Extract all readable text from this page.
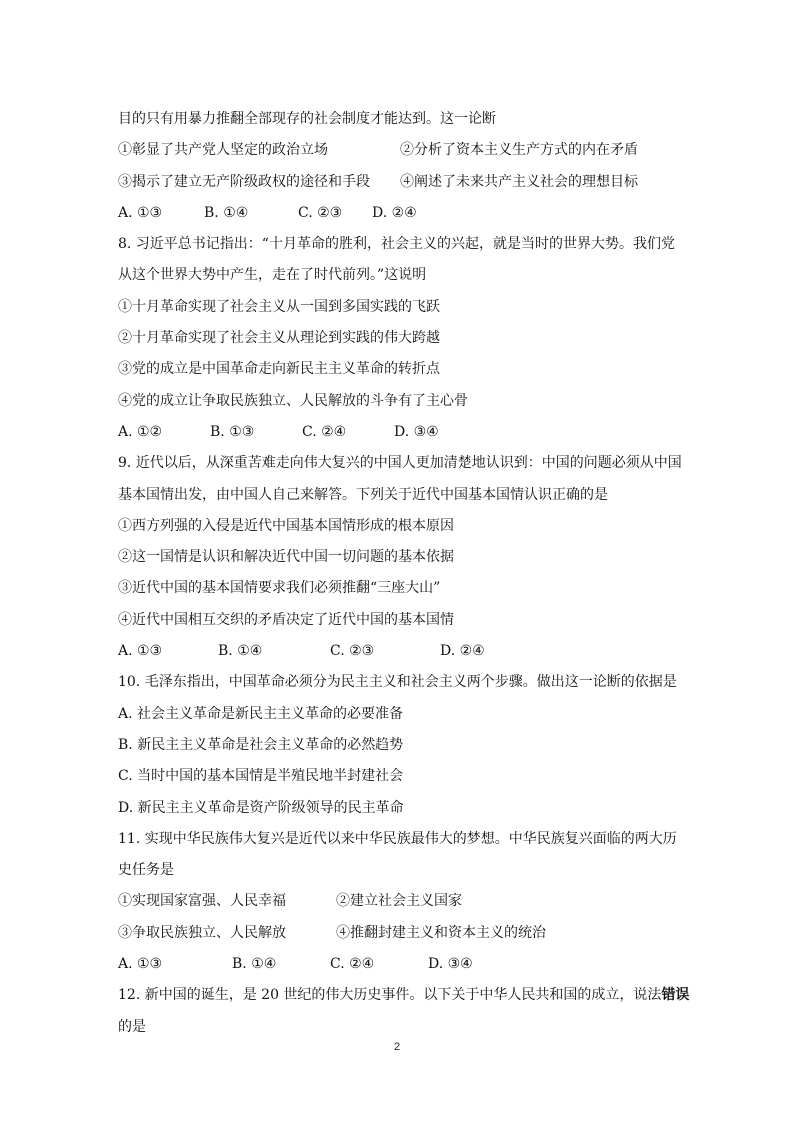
目的只有用暴力推翻全部现存的社会制度才能达到。这一论断
①彰显了共产党人坚定的政治立场	②分析了资本主义生产方式的内在矛盾
③揭示了建立无产阶级政权的途径和手段 ④阐述了未来共产主义社会的理想目标
A. ①③	B. ①④	C. ②③ D. ②④
8. 习近平总书记指出：“十月革命的胜利，社会主义的兴起，就是当时的世界大势。我们党
从这个世界大势中产生，走在了时代前列。”这说明
①十月革命实现了社会主义从一国到多国实践的飞跃
②十月革命实现了社会主义从理论到实践的伟大跨越
③党的成立是中国革命走向新民主主义革命的转折点
④党的成立让争取民族独立、人民解放的斗争有了主心骨
A. ①②	B. ①③	C. ②④	D. ③④
9. 近代以后，从深重苦难走向伟大复兴的中国人更加清楚地认识到：中国的问题必须从中国
基本国情出发，由中国人自己来解答。下列关于近代中国基本国情认识正确的是
①西方列强的入侵是近代中国基本国情形成的根本原因
②这一国情是认识和解决近代中国一切问题的基本依据
③近代中国的基本国情要求我们必须推翻“三座大山”
④近代中国相互交织的矛盾决定了近代中国的基本国情
A. ①③	B. ①④	C. ②③	D. ②④
10. 毛泽东指出，中国革命必须分为民主主义和社会主义两个步骤。做出这一论断的依据是
A. 社会主义革命是新民主主义革命的必要准备
B. 新民主主义革命是社会主义革命的必然趋势
C. 当时中国的基本国情是半殖民地半封建社会
D. 新民主主义革命是资产阶级领导的民主革命
11. 实现中华民族伟大复兴是近代以来中华民族最伟大的梦想。中华民族复兴面临的两大历
史任务是
①实现国家富强、人民幸福	②建立社会主义国家
③争取民族独立、人民解放	④推翻封建主义和资本主义的统治
A. ①③	B. ①④	C. ②④	D. ③④
12. 新中国的诞生，是 20 世纪的伟大历史事件。以下关于中华人民共和国的成立，说法错误
的是
2
